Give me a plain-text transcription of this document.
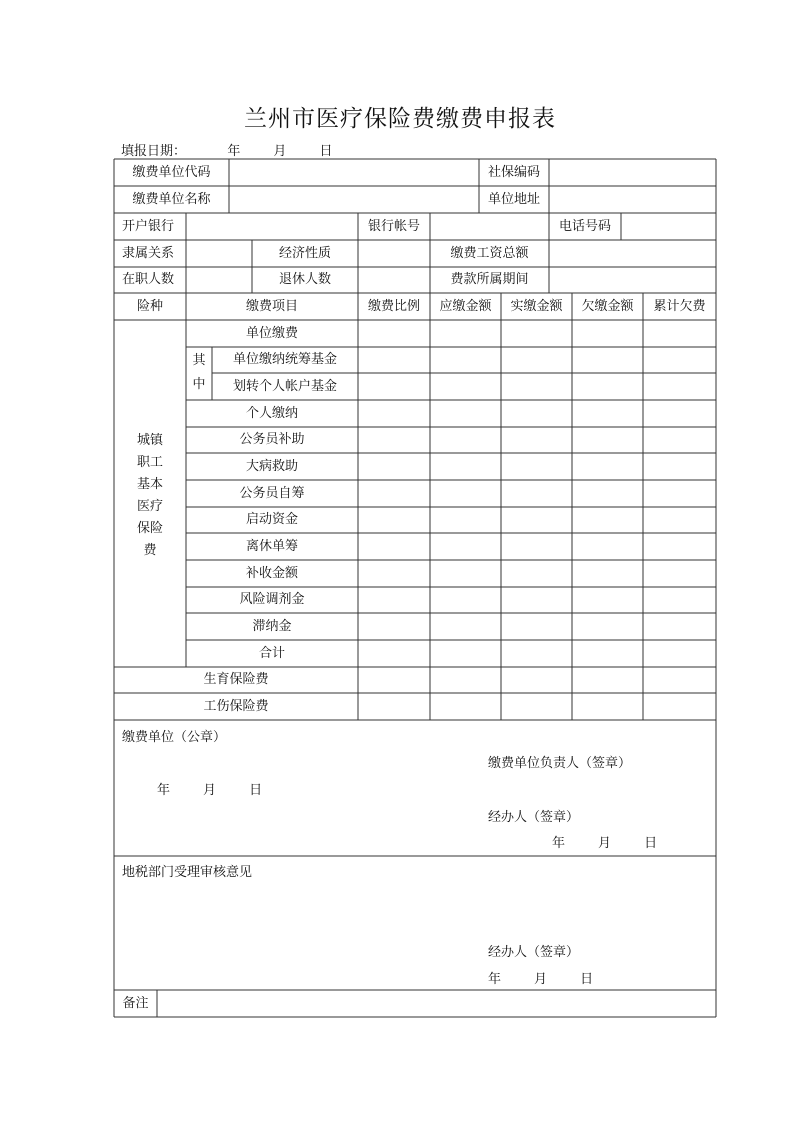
兰州市医疗保险费缴费申报表
填报日期：          年        月        日
www.ldoc.cn
缴费单位代码	社保编码
缴费单位名称	单位地址
开户银行	银行帐号	电话号码
隶属关系	经济性质	缴费工资总额
在职人数	退休人数	费款所属期间
险种	缴费项目	缴费比例	应缴金额	实缴金额	欠缴金额	累计欠费
城镇
职工
基本
医疗
保险
费
其
中
单位缴费
单位缴纳统筹基金
划转个人帐户基金
个人缴纳
公务员补助
大病救助
公务员自筹
启动资金
离休单筹
补收金额
风险调剂金
滞纳金
合计
生育保险费
工伤保险费
缴费单位（公章）
缴费单位负责人（签章）
年        月        日
经办人（签章）
年        月        日
地税部门受理审核意见
经办人（签章）
年        月        日
备注
